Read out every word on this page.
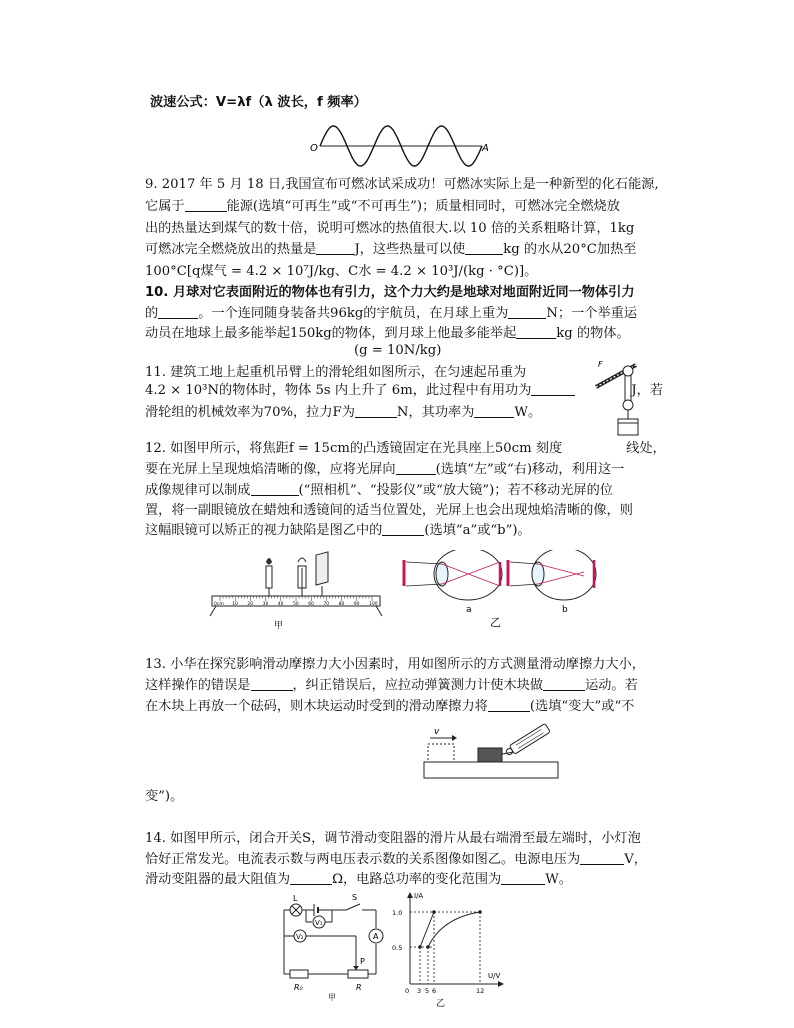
波速公式：V=λf（λ 波长，f 频率）
O	A
9. 2017 年 5 月 18 日,我国宣布可燃冰试采成功！可燃冰实际上是一种新型的化石能源,
它属于	能源(选填“可再生”或“不可再生”)；质量相同时，可燃冰完全燃烧放
出的热量达到煤气的数十倍，说明可燃冰的热值很大.以 10 倍的关系粗略计算，1kg
可燃冰完全燃烧放出的热量是	J，这些热量可以使	kg 的水从20°C加热至
100°C[q煤气 = 4.2 × 10⁷J/kg、C水 = 4.2 × 10³J/(kg · °C)]。
10. 月球对它表面附近的物体也有引力，这个力大约是地球对地面附近同一物体引力
的	。一个连同随身装备共96kg的宇航员，在月球上重为	N；一个举重运
动员在地球上最多能举起150kg的物体，到月球上他最多能举起	kg 的物体。
(g = 10N/kg)
11. 建筑工地上起重机吊臂上的滑轮组如图所示，在匀速起吊重为
4.2 × 10³N的物体时，物体 5s 内上升了 6m，此过程中有用功为	J，若
滑轮组的机械效率为70%，拉力F为	N，其功率为	W。
F
12. 如图甲所示，将焦距f = 15cm的凸透镜固定在光具座上50cm 刻度	线处，
要在光屏上呈现烛焰清晰的像，应将光屏向	(选填“左”或“右)移动，利用这一
成像规律可以制成	(“照相机”、“投影仪”或“放大镜”)；若不移动光屏的位
置，将一副眼镜放在蜡烛和透镜间的适当位置处，光屏上也会出现烛焰清晰的像，则
这幅眼镜可以矫正的视力缺陷是图乙中的	(选填“a”或“b”)。
0cm 10 20 30 40 50 60 70 80 90 100
甲
a	b
乙
13. 小华在探究影响滑动摩擦力大小因素时，用如图所示的方式测量滑动摩擦力大小，
这样操作的错误是	，纠正错误后，应拉动弹簧测力计使木块做	运动。若
在木块上再放一个砝码，则木块运动时受到的滑动摩擦力将	(选填“变大”或“不
变”)。
v
14. 如图甲所示，闭合开关S，调节滑动变阻器的滑片从最右端滑至最左端时，小灯泡
恰好正常发光。电流表示数与两电压表示数的关系图像如图乙。电源电压为	V，
滑动变阻器的最大阻值为	Ω，电路总功率的变化范围为	W。
L	S
V₁
V₂	A
R₀
P
R
甲
I/A
U/V
1.0
0.5
0 3 5 6	12
乙
